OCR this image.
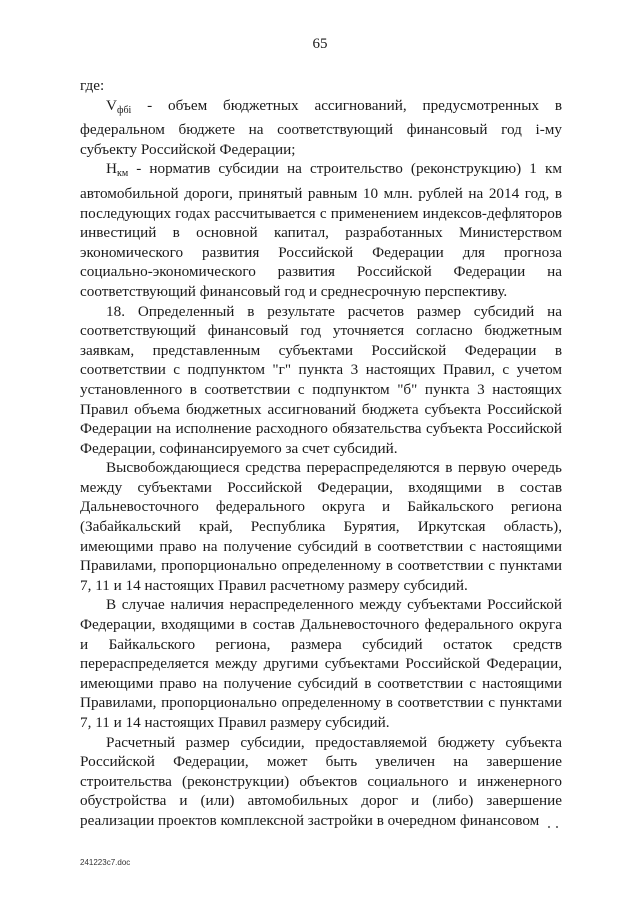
65

где:

$V_{фбi}$ - объем бюджетных ассигнований, предусмотренных в федеральном бюджете на соответствующий финансовый год i-му субъекту Российской Федерации;

$Н_{км}$ - норматив субсидии на строительство (реконструкцию) 1 км автомобильной дороги, принятый равным 10 млн. рублей на 2014 год, в последующих годах рассчитывается с применением индексов-дефляторов инвестиций в основной капитал, разработанных Министерством экономического развития Российской Федерации для прогноза социально-экономического развития Российской Федерации на соответствующий финансовый год и среднесрочную перспективу.

18. Определенный в результате расчетов размер субсидий на соответствующий финансовый год уточняется согласно бюджетным заявкам, представленным субъектами Российской Федерации в соответствии с подпунктом "г" пункта 3 настоящих Правил, с учетом установленного в соответствии с подпунктом "б" пункта 3 настоящих Правил объема бюджетных ассигнований бюджета субъекта Российской Федерации на исполнение расходного обязательства субъекта Российской Федерации, софинансируемого за счет субсидий.

Высвобождающиеся средства перераспределяются в первую очередь между субъектами Российской Федерации, входящими в состав Дальневосточного федерального округа и Байкальского региона (Забайкальский край, Республика Бурятия, Иркутская область), имеющими право на получение субсидий в соответствии с настоящими Правилами, пропорционально определенному в соответствии с пунктами 7, 11 и 14 настоящих Правил расчетному размеру субсидий.

В случае наличия нераспределенного между субъектами Российской Федерации, входящими в состав Дальневосточного федерального округа и Байкальского региона, размера субсидий остаток средств перераспределяется между другими субъектами Российской Федерации, имеющими право на получение субсидий в соответствии с настоящими Правилами, пропорционально определенному в соответствии с пунктами 7, 11 и 14 настоящих Правил размеру субсидий.

Расчетный размер субсидии, предоставляемой бюджету субъекта Российской Федерации, может быть увеличен на завершение строительства (реконструкции) объектов социального и инженерного обустройства и (или) автомобильных дорог и (либо) завершение реализации проектов комплексной застройки в очередном финансовом

241223c7.doc
